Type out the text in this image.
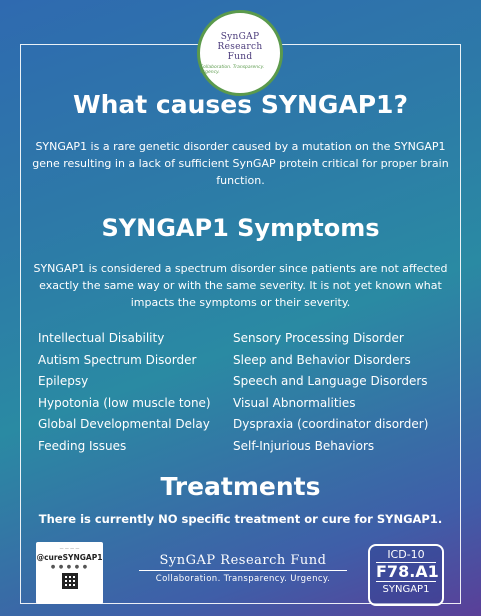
SynGAP
Research
Fund
Collaboration. Transparency. Urgency.
What causes SYNGAP1?
SYNGAP1 is a rare genetic disorder caused by a mutation on the SYNGAP1 gene resulting in a lack of sufficient SynGAP protein critical for proper brain function.
SYNGAP1 Symptoms
SYNGAP1 is considered a spectrum disorder since patients are not affected exactly the same way or with the same severity. It is not yet known what impacts the symptoms or their severity.
Intellectual Disability
Autism Spectrum Disorder
Epilepsy
Hypotonia (low muscle tone)
Global Developmental Delay
Feeding Issues
Sensory Processing Disorder
Sleep and Behavior Disorders
Speech and Language Disorders
Visual Abnormalities
Dyspraxia (coordinator disorder)
Self-Injurious Behaviors
Treatments
There is currently NO specific treatment or cure for SYNGAP1.
— — — —
@cureSYNGAP1
● ● ● ● ●	SynGAP Research Fund
Collaboration. Transparency. Urgency.
ICD-10
F78.A1
SYNGAP1
